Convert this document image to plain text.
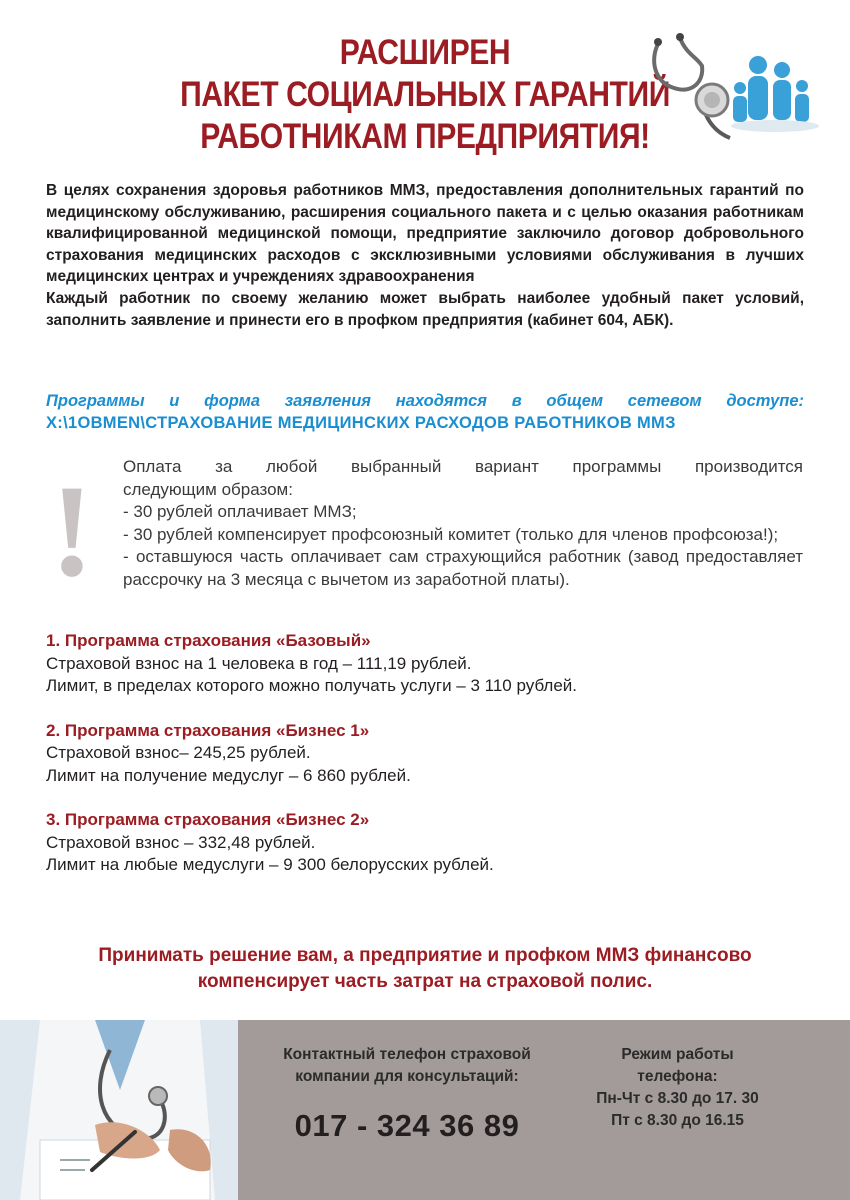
РАСШИРЕН
ПАКЕТ СОЦИАЛЬНЫХ ГАРАНТИЙ
РАБОТНИКАМ ПРЕДПРИЯТИЯ!

В целях сохранения здоровья работников ММЗ, предоставления дополнительных гарантий по медицинскому обслуживанию, расширения социального пакета и с целью оказания работникам квалифицированной медицинской помощи, предприятие заключило договор добровольного страхования медицинских расходов с эксклюзивными условиями обслуживания в лучших медицинских центрах и учреждениях здравоохранения

Каждый работник по своему желанию может выбрать наиболее удобный пакет условий, заполнить заявление и принести его в профком предприятия (кабинет 604, АБК).

Программы и форма заявления находятся в общем сетевом доступе:
X:\1OBMEN\СТРАХОВАНИЕ МЕДИЦИНСКИХ РАСХОДОВ РАБОТНИКОВ ММЗ
! Оплата за любой выбранный вариант программы производится

следующим образом:

- 30 рублей оплачивает ММЗ;

- 30 рублей компенсирует профсоюзный комитет (только для членов профсоюза!);

- оставшуюся часть оплачивает сам страхующийся работник (завод предоставляет рассрочку на 3 месяца с вычетом из заработной платы).

1. Программа страхования «Базовый»
Страховой взнос на 1 человека в год – 111,19 рублей.
Лимит, в пределах которого можно получать услуги – 3 110 рублей.
2. Программа страхования «Бизнес 1»
Страховой взнос– 245,25 рублей.
Лимит на получение медуслуг – 6 860 рублей.
3. Программа страхования «Бизнес 2»
Страховой взнос – 332,48 рублей.
Лимит на любые медуслуги – 9 300 белорусских рублей.
Принимать решение вам, а предприятие и профком ММЗ финансово
компенсирует часть затрат на страховой полис.
Контактный телефон страховой
компании для консультаций:
017 - 324 36 89
Режим работы
телефона:
Пн-Чт с 8.30 до 17. 30
Пт с 8.30 до 16.15
